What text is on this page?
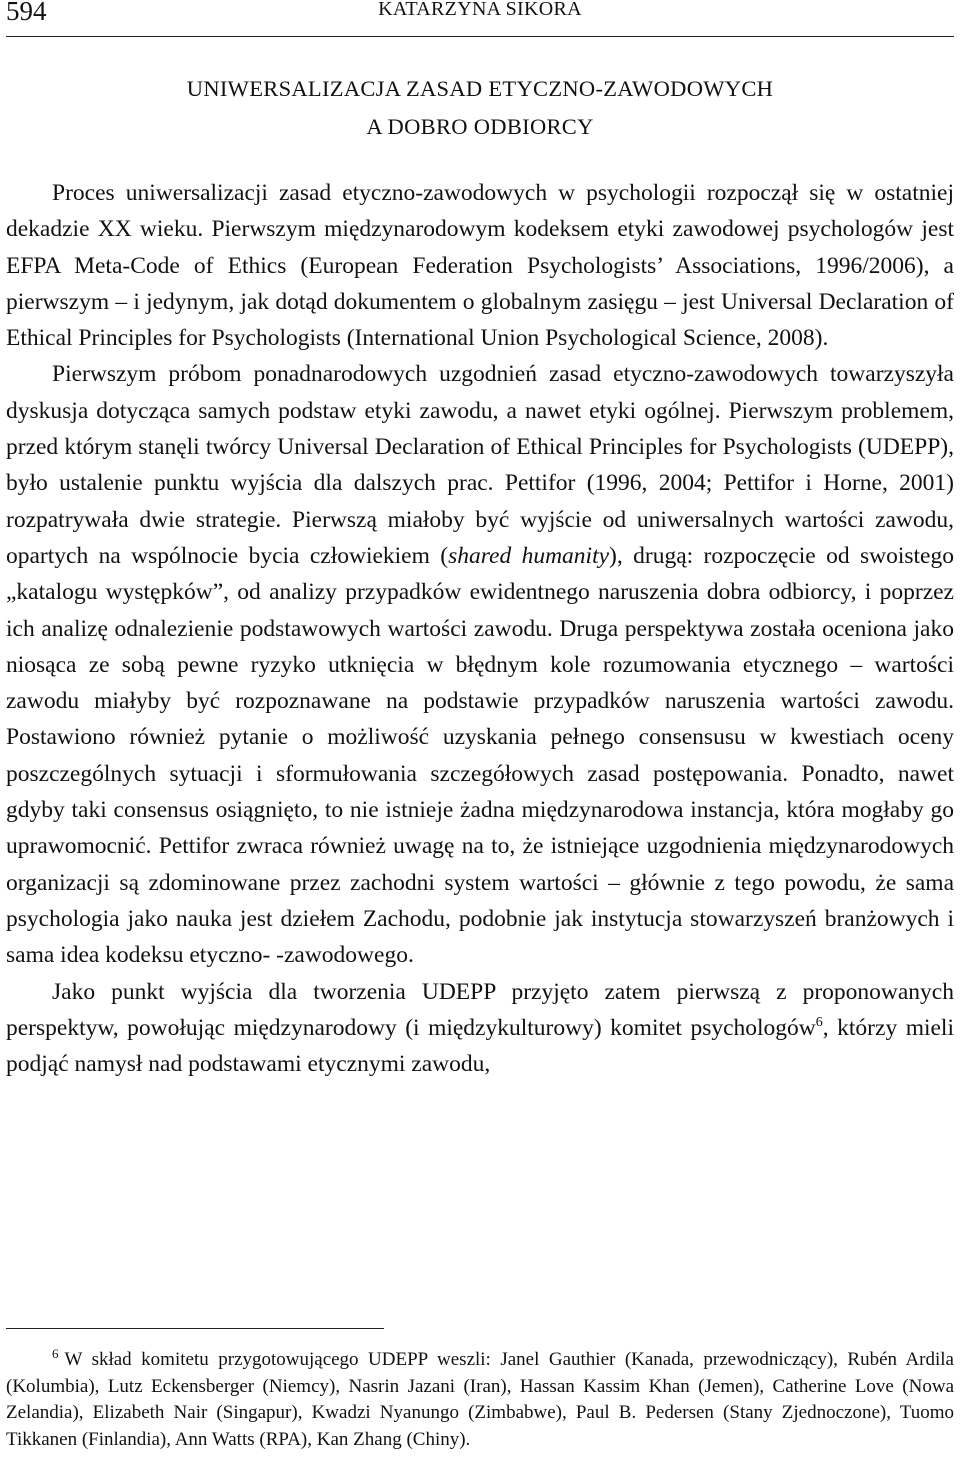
594	KATARZYNA SIKORA
UNIWERSALIZACJA ZASAD ETYCZNO-ZAWODOWYCH
A DOBRO ODBIORCY

Proces uniwersalizacji zasad etyczno-zawodowych w psychologii rozpoczął się w ostatniej dekadzie XX wieku. Pierwszym międzynarodowym kodeksem etyki zawodowej psychologów jest EFPA Meta-Code of Ethics (European Federation Psychologists’ Associations, 1996/2006), a pierwszym – i jedynym, jak dotąd dokumentem o globalnym zasięgu – jest Universal Declaration of Ethical Principles for Psychologists (International Union Psychological Science, 2008).

Pierwszym próbom ponadnarodowych uzgodnień zasad etyczno-zawodowych towarzyszyła dyskusja dotycząca samych podstaw etyki zawodu, a nawet etyki ogólnej. Pierwszym problemem, przed którym stanęli twórcy Universal Declaration of Ethical Principles for Psychologists (UDEPP), było ustalenie punktu wyjścia dla dalszych prac. Pettifor (1996, 2004; Pettifor i Horne, 2001) rozpatrywała dwie strategie. Pierwszą miałoby być wyjście od uniwersalnych wartości zawodu, opartych na wspólnocie bycia człowiekiem (shared humanity), drugą: rozpoczęcie od swoistego „katalogu występków”, od analizy przypadków ewidentnego naruszenia dobra odbiorcy, i poprzez ich analizę odnalezienie podstawowych wartości zawodu. Druga perspektywa została oceniona jako niosąca ze sobą pewne ryzyko utknięcia w błędnym kole rozumowania etycznego – wartości zawodu miałyby być rozpoznawane na podstawie przypadków naruszenia wartości zawodu. Postawiono również pytanie o możliwość uzyskania pełnego consensusu w kwestiach oceny poszczególnych sytuacji i sformułowania szczegółowych zasad postępowania. Ponadto, nawet gdyby taki consensus osiągnięto, to nie istnieje żadna międzynarodowa instancja, która mogłaby go uprawomocnić. Pettifor zwraca również uwagę na to, że istniejące uzgodnienia międzynarodowych organizacji są zdominowane przez zachodni system wartości – głównie z tego powodu, że sama psychologia jako nauka jest dziełem Zachodu, podobnie jak instytucja stowarzyszeń branżowych i sama idea kodeksu etyczno- -zawodowego.

Jako punkt wyjścia dla tworzenia UDEPP przyjęto zatem pierwszą z proponowanych perspektyw, powołując międzynarodowy (i międzykulturowy) komitet psychologów$^6$, którzy mieli podjąć namysł nad podstawami etycznymi zawodu,

$^6$ W skład komitetu przygotowującego UDEPP weszli: Janel Gauthier (Kanada, przewodniczący), Rubén Ardila (Kolumbia), Lutz Eckensberger (Niemcy), Nasrin Jazani (Iran), Hassan Kassim Khan (Jemen), Catherine Love (Nowa Zelandia), Elizabeth Nair (Singapur), Kwadzi Nyanungo (Zimbabwe), Paul B. Pedersen (Stany Zjednoczone), Tuomo Tikkanen (Finlandia), Ann Watts (RPA), Kan Zhang (Chiny).
